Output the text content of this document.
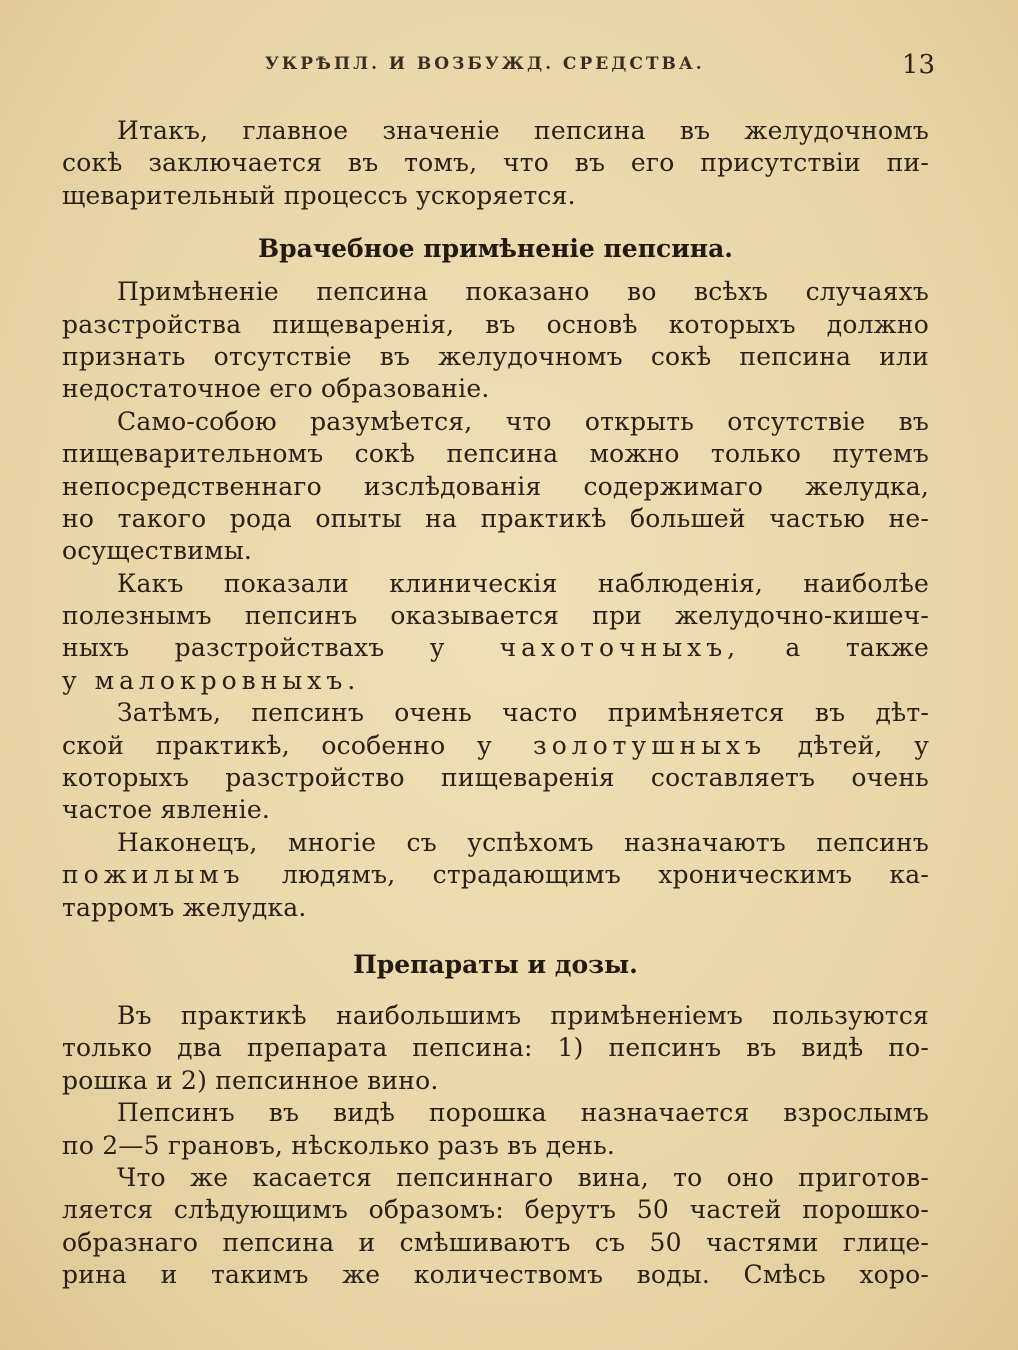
УКРѢПЛ. И ВОЗБУЖД. СРЕДСТВА.	13
Итакъ, главное значенiе пепсина въ желудочномъ
сокѣ заключается въ томъ, что въ его присутствiи пи-
щеварительный процессъ ускоряется.
Врачебное примѣненiе пепсина.
Примѣненiе пепсина показано во всѣхъ случаяхъ
разстройства пищеваренiя, въ основѣ которыхъ должно
признать отсутствiе въ желудочномъ сокѣ пепсина или
недостаточное его образованiе.
Само-собою разумѣется, что открыть отсутствiе въ
пищеварительномъ сокѣ пепсина можно только путемъ
непосредственнаго изслѣдованiя содержимаго желудка,
но такого рода опыты на практикѣ большей частью не-
осуществимы.
Какъ показали клиническiя наблюденiя, наиболѣе
полезнымъ пепсинъ оказывается при желудочно-кишеч-
ныхъ разстройствахъ у чахоточныхъ, а также
у малокровныхъ.
Затѣмъ, пепсинъ очень часто примѣняется въ дѣт-
ской практикѣ, особенно у золотушныхъ дѣтей, у
которыхъ разстройство пищеваренiя составляетъ очень
частое явленiе.
Наконецъ, многiе съ успѣхомъ назначаютъ пепсинъ
пожилымъ людямъ, страдающимъ хроническимъ ка-
тарромъ желудка.
Препараты и дозы.
Въ практикѣ наибольшимъ примѣненiемъ пользуются
только два препарата пепсина: 1) пепсинъ въ видѣ по-
рошка и 2) пепсинное вино.
Пепсинъ въ видѣ порошка назначается взрослымъ
по 2—5 грановъ, нѣсколько разъ въ день.
Что же касается пепсиннаго вина, то оно приготов-
ляется слѣдующимъ образомъ: берутъ 50 частей порошко-
образнаго пепсина и смѣшиваютъ съ 50 частями глице-
рина и такимъ же количествомъ воды. Смѣсь хоро-
